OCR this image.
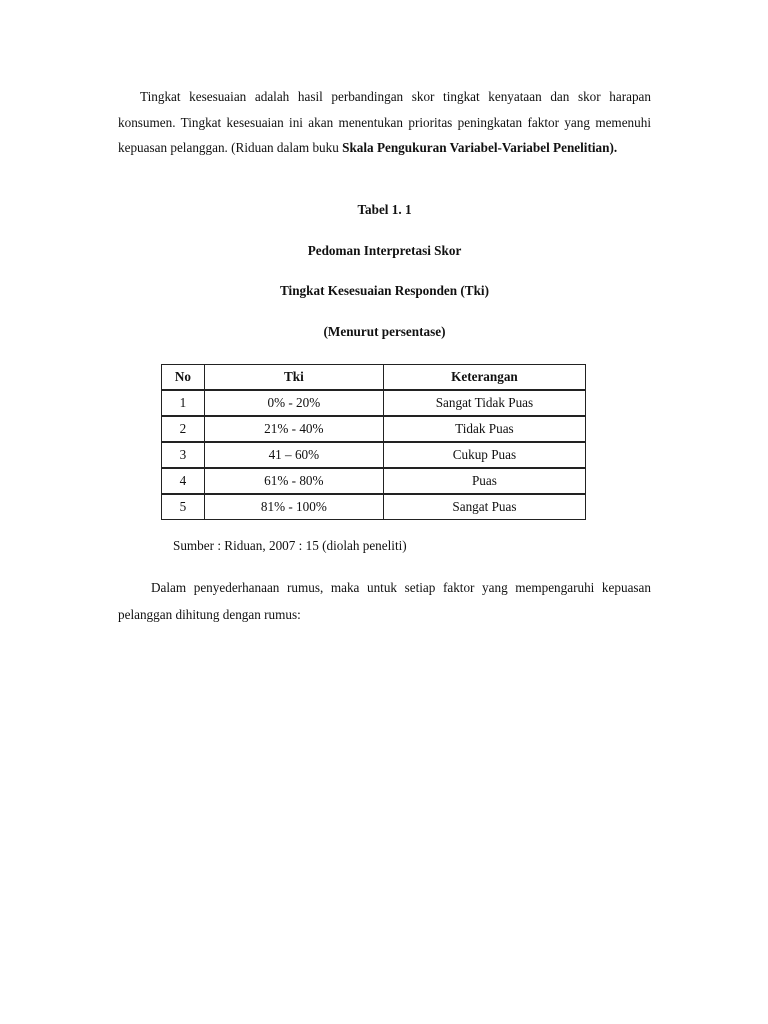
Tingkat kesesuaian adalah hasil perbandingan skor tingkat kenyataan dan skor harapan konsumen. Tingkat kesesuaian ini akan menentukan prioritas peningkatan faktor yang memenuhi kepuasan pelanggan. (Riduan dalam buku Skala Pengukuran Variabel-Variabel Penelitian).

Tabel 1. 1
Pedoman Interpretasi Skor
Tingkat Kesesuaian Responden (Tki)
(Menurut persentase)
No	Tki	Keterangan
1	0% - 20%	Sangat Tidak Puas
2	21% - 40%	Tidak Puas
3	41 – 60%	Cukup Puas
4	61% - 80%	Puas
5	81% - 100%	Sangat Puas
Sumber : Riduan, 2007 : 15 (diolah peneliti)

Dalam penyederhanaan rumus, maka untuk setiap faktor yang mempengaruhi kepuasan pelanggan dihitung dengan rumus:
